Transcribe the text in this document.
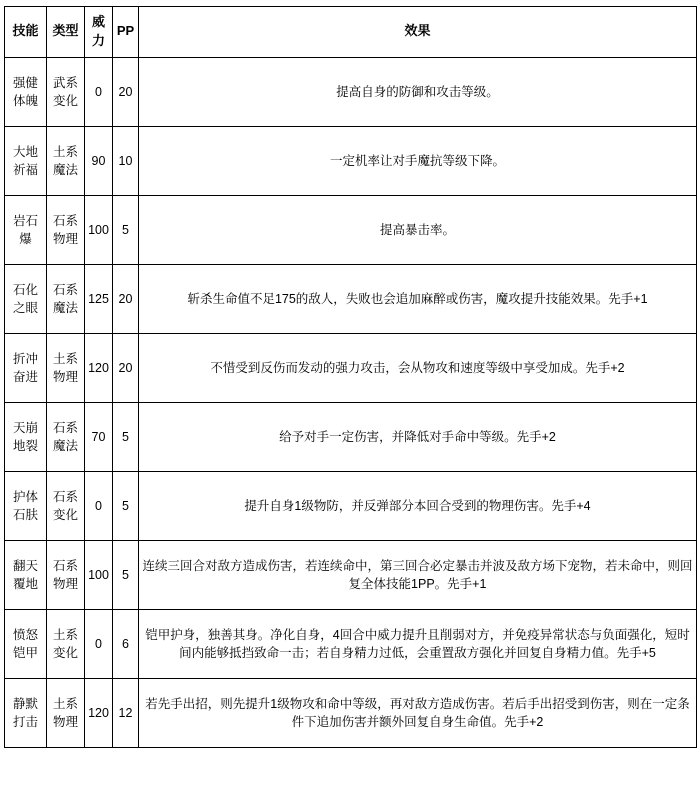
技能	类型	威力	PP	效果
强健体魄	武系变化	0	20	提高自身的防御和攻击等级。
大地祈福	土系魔法	90	10	一定机率让对手魔抗等级下降。
岩石爆	石系物理	100	5	提高暴击率。
石化之眼	石系魔法	125	20	斩杀生命值不足175的敌人，失败也会追加麻醉或伤害，魔攻提升技能效果。先手+1
折冲奋进	土系物理	120	20	不惜受到反伤而发动的强力攻击，会从物攻和速度等级中享受加成。先手+2
天崩地裂	石系魔法	70	5	给予对手一定伤害，并降低对手命中等级。先手+2
护体石肤	石系变化	0	5	提升自身1级物防，并反弹部分本回合受到的物理伤害。先手+4
翻天覆地	石系物理	100	5	连续三回合对敌方造成伤害，若连续命中，第三回合必定暴击并波及敌方场下宠物，若未命中，则回复全体技能1PP。先手+1
愤怒铠甲	土系变化	0	6	铠甲护身，独善其身。净化自身，4回合中威力提升且削弱对方，并免疫异常状态与负面强化，短时间内能够抵挡致命一击；若自身精力过低，会重置敌方强化并回复自身精力值。先手+5
静默打击	土系物理	120	12	若先手出招，则先提升1级物攻和命中等级，再对敌方造成伤害。若后手出招受到伤害，则在一定条件下追加伤害并额外回复自身生命值。先手+2
